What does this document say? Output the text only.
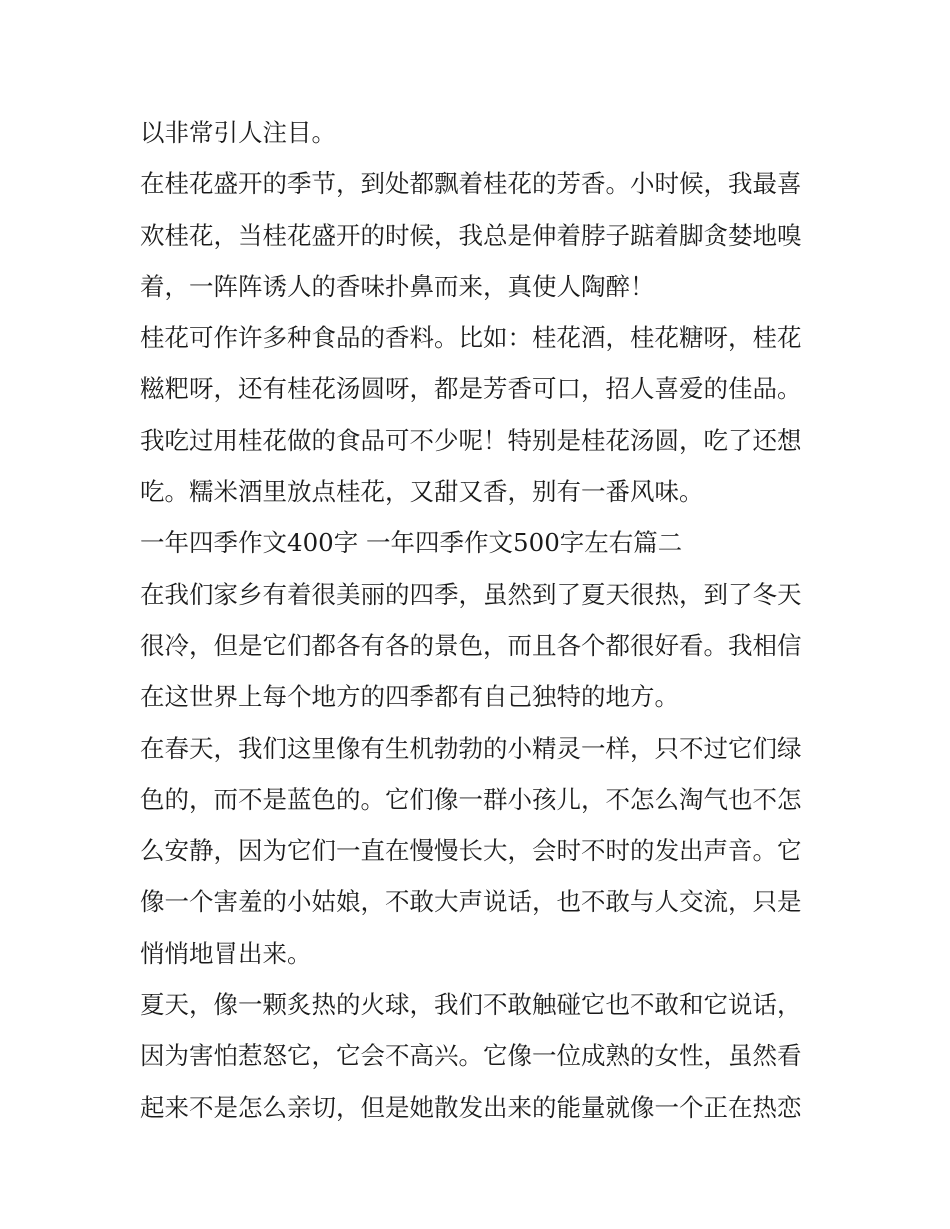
以非常引人注目。
在桂花盛开的季节，到处都飘着桂花的芳香。小时候，我最喜
欢桂花，当桂花盛开的时候，我总是伸着脖子踮着脚贪婪地嗅
着，一阵阵诱人的香味扑鼻而来，真使人陶醉！
桂花可作许多种食品的香料。比如：桂花酒，桂花糖呀，桂花
糍粑呀，还有桂花汤圆呀，都是芳香可口，招人喜爱的佳品。
我吃过用桂花做的食品可不少呢！特别是桂花汤圆，吃了还想
吃。糯米酒里放点桂花，又甜又香，别有一番风味。
一年四季作文400字 一年四季作文500字左右篇二
在我们家乡有着很美丽的四季，虽然到了夏天很热，到了冬天
很冷，但是它们都各有各的景色，而且各个都很好看。我相信
在这世界上每个地方的四季都有自己独特的地方。
在春天，我们这里像有生机勃勃的小精灵一样，只不过它们绿
色的，而不是蓝色的。它们像一群小孩儿，不怎么淘气也不怎
么安静，因为它们一直在慢慢长大，会时不时的发出声音。它
像一个害羞的小姑娘，不敢大声说话，也不敢与人交流，只是
悄悄地冒出来。
夏天，像一颗炙热的火球，我们不敢触碰它也不敢和它说话，
因为害怕惹怒它，它会不高兴。它像一位成熟的女性，虽然看
起来不是怎么亲切，但是她散发出来的能量就像一个正在热恋
